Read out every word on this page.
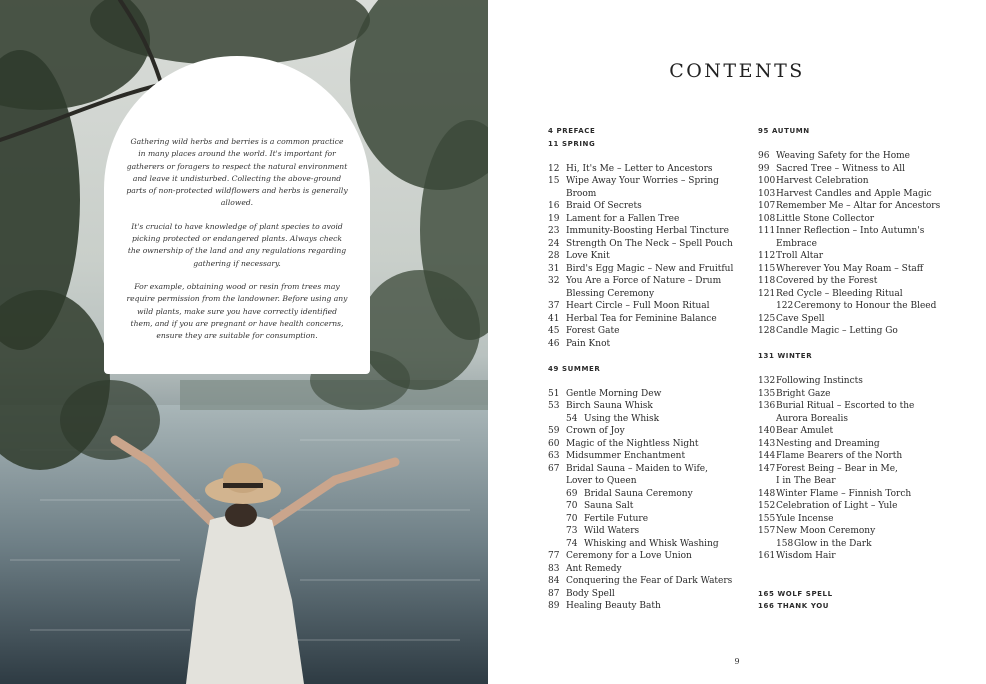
Gathering wild herbs and berries is a common practice in many places around the world. It's important for gatherers or foragers to respect the natural environment and leave it undisturbed. Collecting the above-ground parts of non-protected wildflowers and herbs is generally allowed.

It's crucial to have knowledge of plant species to avoid picking protected or endangered plants. Always check the ownership of the land and any regulations regarding gathering if necessary.

For example, obtaining wood or resin from trees may require permission from the landowner. Before using any wild plants, make sure you have correctly identified them, and if you are pregnant or have health concerns, ensure they are suitable for consumption.

CONTENTS
4 PREFACE
11 SPRING
12 Hi, It's Me – Letter to Ancestors
15 Wipe Away Your Worries – Spring
Broom
16 Braid Of Secrets
19 Lament for a Fallen Tree
23 Immunity-Boosting Herbal Tincture
24 Strength On The Neck – Spell Pouch
28 Love Knit
31 Bird's Egg Magic – New and Fruitful
32 You Are a Force of Nature – Drum
Blessing Ceremony
37 Heart Circle – Full Moon Ritual
41 Herbal Tea for Feminine Balance
45 Forest Gate
46 Pain Knot
49 SUMMER
51 Gentle Morning Dew
53 Birch Sauna Whisk
54 Using the Whisk
59 Crown of Joy
60 Magic of the Nightless Night
63 Midsummer Enchantment
67 Bridal Sauna – Maiden to Wife,
Lover to Queen
69 Bridal Sauna Ceremony
70 Sauna Salt
70 Fertile Future
73 Wild Waters
74 Whisking and Whisk Washing
77 Ceremony for a Love Union
83 Ant Remedy
84 Conquering the Fear of Dark Waters
87 Body Spell
89 Healing Beauty Bath
95 AUTUMN
96 Weaving Safety for the Home
99 Sacred Tree – Witness to All
100 Harvest Celebration
103 Harvest Candles and Apple Magic
107 Remember Me – Altar for Ancestors
108 Little Stone Collector
111 Inner Reflection – Into Autumn's
Embrace
112 Troll Altar
115 Wherever You May Roam – Staff
118 Covered by the Forest
121 Red Cycle – Bleeding Ritual
122 Ceremony to Honour the Bleed
125 Cave Spell
128 Candle Magic – Letting Go
131 WINTER
132 Following Instincts
135 Bright Gaze
136 Burial Ritual – Escorted to the
Aurora Borealis
140 Bear Amulet
143 Nesting and Dreaming
144 Flame Bearers of the North
147 Forest Being – Bear in Me,
I in The Bear
148 Winter Flame – Finnish Torch
152 Celebration of Light – Yule
155 Yule Incense
157 New Moon Ceremony
158 Glow in the Dark
161 Wisdom Hair
165 WOLF SPELL
166 THANK YOU
9
